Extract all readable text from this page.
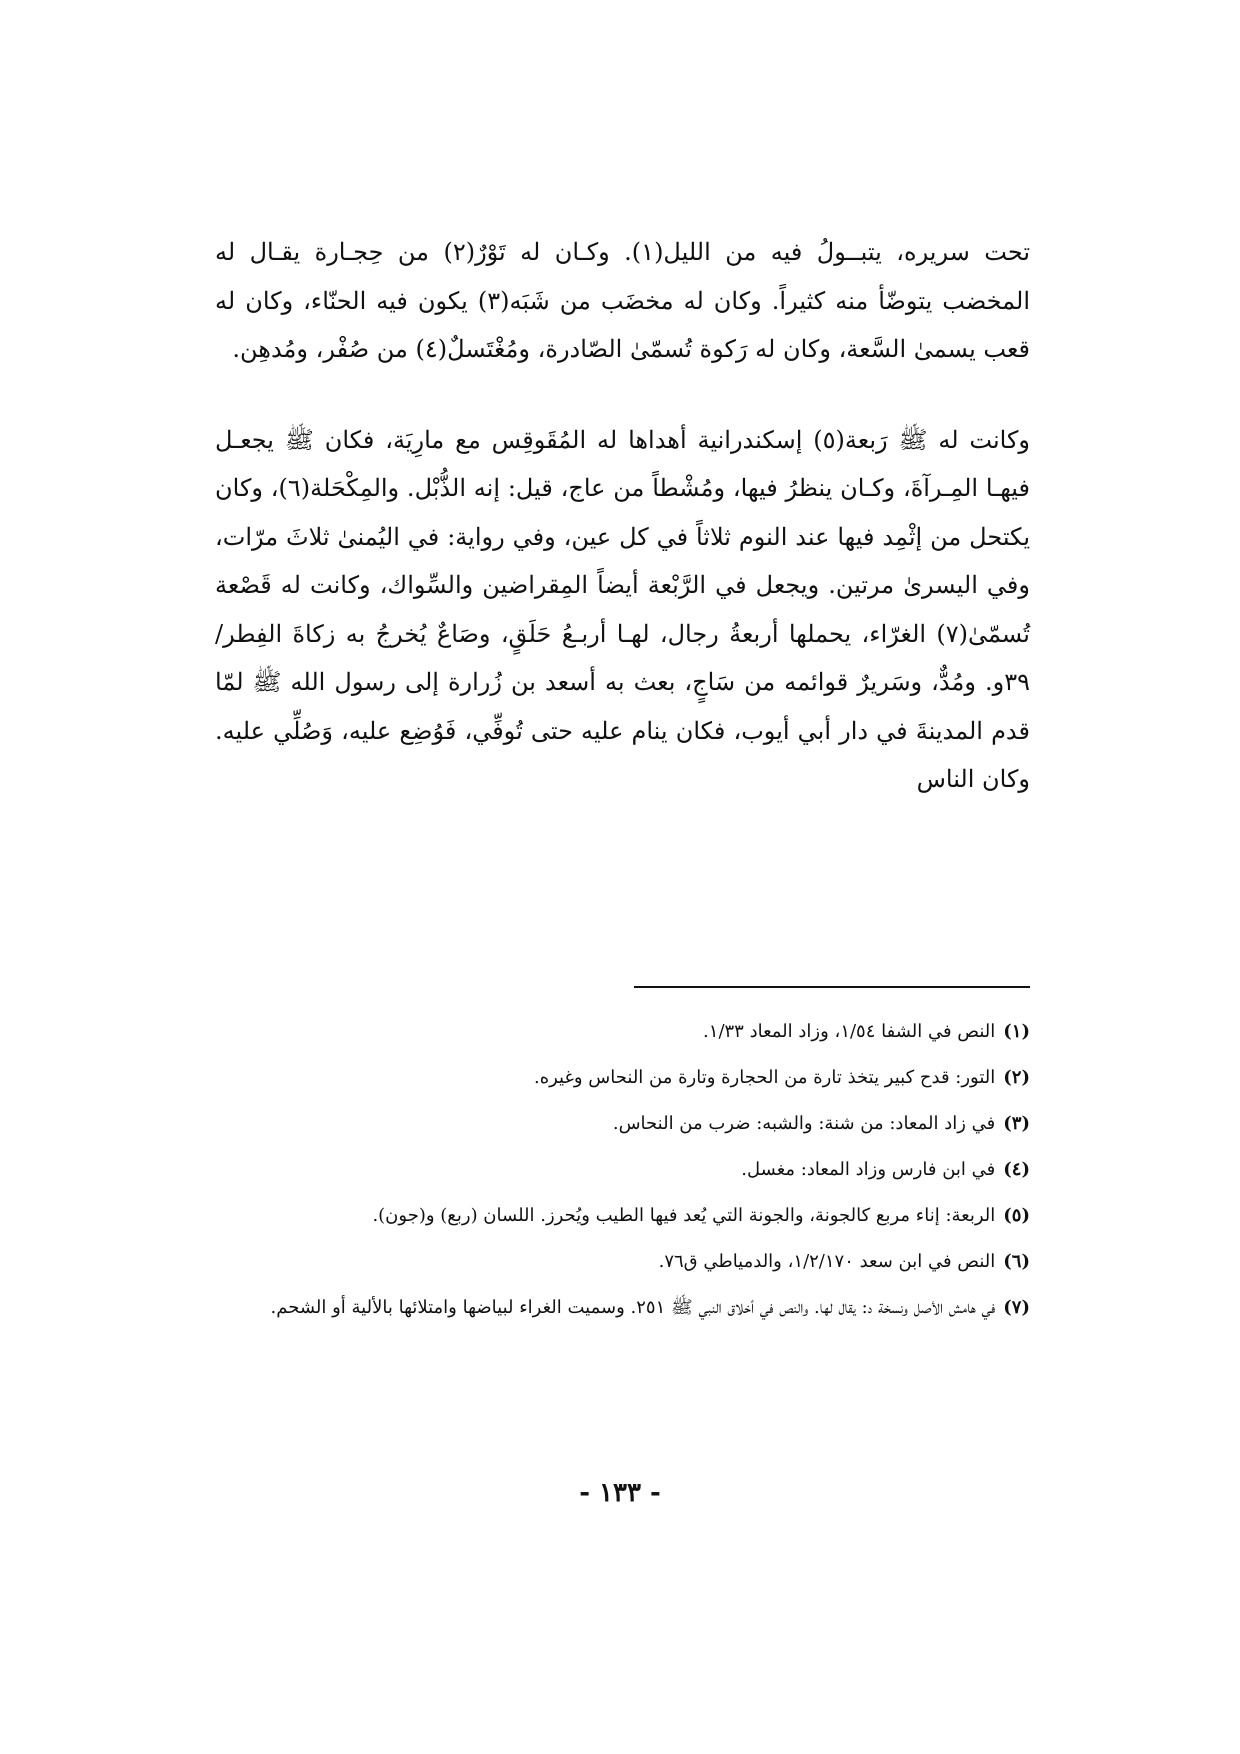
تحت سريره، يتبــولُ فيه من الليل(١). وكـان له تَوْرٌ(٢) من حِجـارة يقـال له المخضب يتوضّأ منه كثيراً. وكان له مخضَب من شَبَه(٣) يكون فيه الحنّاء، وكان له قعب يسمىٰ السَّعة، وكان له رَكوة تُسمّىٰ الصّادرة، ومُغْتَسلٌ(٤) من صُفْر، ومُدهِن.

وكانت له ﷺ رَبعة(٥) إسكندرانية أهداها له المُقَوقِس مع مارِيَة، فكان ﷺ يجعـل فيهـا المِـرآةَ، وكـان ينظرُ فيها، ومُشْطاً من عاج، قيل: إنه الذُّبْل. والمِكْحَلة(٦)، وكان يكتحل من إثْمِد فيها عند النوم ثلاثاً في كل عين، وفي رواية: في اليُمنىٰ ثلاثَ مرّات، وفي اليسرىٰ مرتين. ويجعل في الرَّبْعة أيضاً المِقراضين والسِّواك، وكانت له قَصْعة تُسمّىٰ(٧) الغرّاء، يحملها أربعةُ رجال، لهـا أربـعُ حَلَقٍ، وصَاعٌ يُخرجُ به زكاةَ الفِطر/٣٩و. ومُدٌّ، وسَريرٌ قوائمه من سَاجٍ، بعث به أسعد بن زُرارة إلى رسول الله ﷺ لمّا قدم المدينةَ في دار أبي أيوب، فكان ينام عليه حتى تُوفِّي، فَوُضِع عليه، وَصُلِّي عليه. وكان الناس

(١)النص في الشفا ١/٥٤، وزاد المعاد ١/٣٣.

(٢)التور: قدح كبير يتخذ تارة من الحجارة وتارة من النحاس وغيره.

(٣)في زاد المعاد: من شنة: والشبه: ضرب من النحاس.

(٤)في ابن فارس وزاد المعاد: مغسل.

(٥)الربعة: إناء مربع كالجونة، والجونة التي يُعد فيها الطيب ويُحرز. اللسان (ربع) و(جون).

(٦)النص في ابن سعد ١/٢/١٧٠، والدمياطي ق٧٦.

(٧)في هامش الأصل ونسخة د: يقال لها. والنص في أخلاق النبي ﷺ ٢٥١. وسميت الغراء لبياضها وامتلائها بالألية أو الشحم.

- ١٣٣ -
